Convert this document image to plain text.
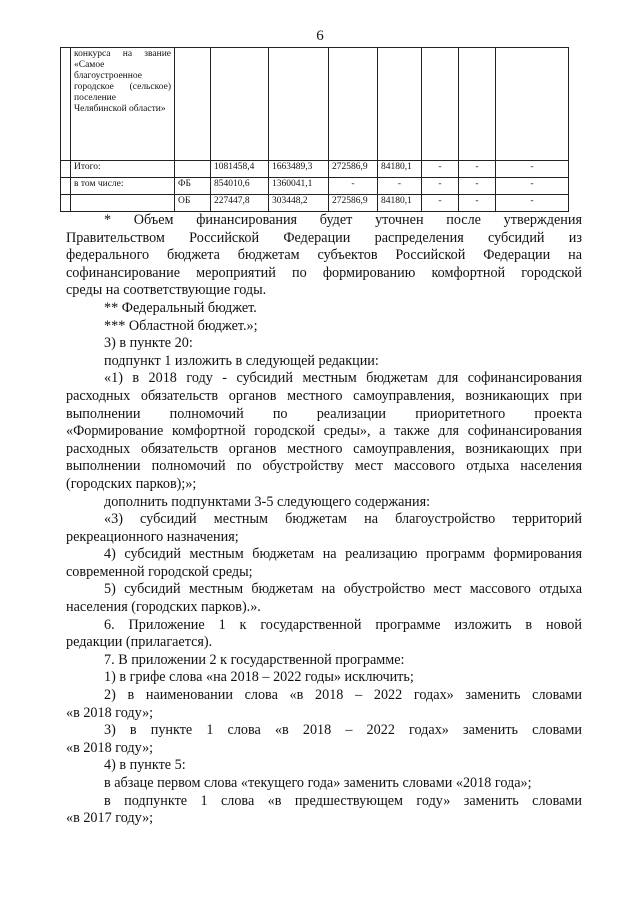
6
	конкурса на звание «Самое благоустроенное городское (сельское) поселение Челябинской области»								
	Итого:		1081458,4	1663489,3	272586,9	84180,1	-	-	-
	в том числе:	ФБ	854010,6	1360041,1	-	-	-	-	-
		ОБ	227447,8	303448,2	272586,9	84180,1	-	-	-

* Объем финансирования будет уточнен после утверждения

Правительством Российской Федерации распределения субсидий из

федерального бюджета бюджетам субъектов Российской Федерации на

софинансирование мероприятий по формированию комфортной городской

среды на соответствующие годы.

** Федеральный бюджет.

*** Областной бюджет.»;

3) в пункте 20:

подпункт 1 изложить в следующей редакции:

«1) в 2018 году - субсидий местным бюджетам для софинансирования

расходных обязательств органов местного самоуправления, возникающих при

выполнении полномочий по реализации приоритетного проекта

«Формирование комфортной городской среды», а также для софинансирования

расходных обязательств органов местного самоуправления, возникающих при

выполнении полномочий по обустройству мест массового отдыха населения

(городских парков);»;

дополнить подпунктами 3-5 следующего содержания:

«3) субсидий местным бюджетам на благоустройство территорий

рекреационного назначения;

4) субсидий местным бюджетам на реализацию программ формирования

современной городской среды;

5) субсидий местным бюджетам на обустройство мест массового отдыха

населения (городских парков).».

6. Приложение 1 к государственной программе изложить в новой

редакции (прилагается).

7. В приложении 2 к государственной программе:

1) в грифе слова «на 2018 – 2022 годы» исключить;

2) в наименовании слова «в 2018 – 2022 годах» заменить словами

«в 2018 году»;

3) в пункте 1 слова «в 2018 – 2022 годах» заменить словами

«в 2018 году»;

4) в пункте 5:

в абзаце первом слова «текущего года» заменить словами «2018 года»;

в подпункте 1 слова «в предшествующем году» заменить словами

«в 2017 году»;
